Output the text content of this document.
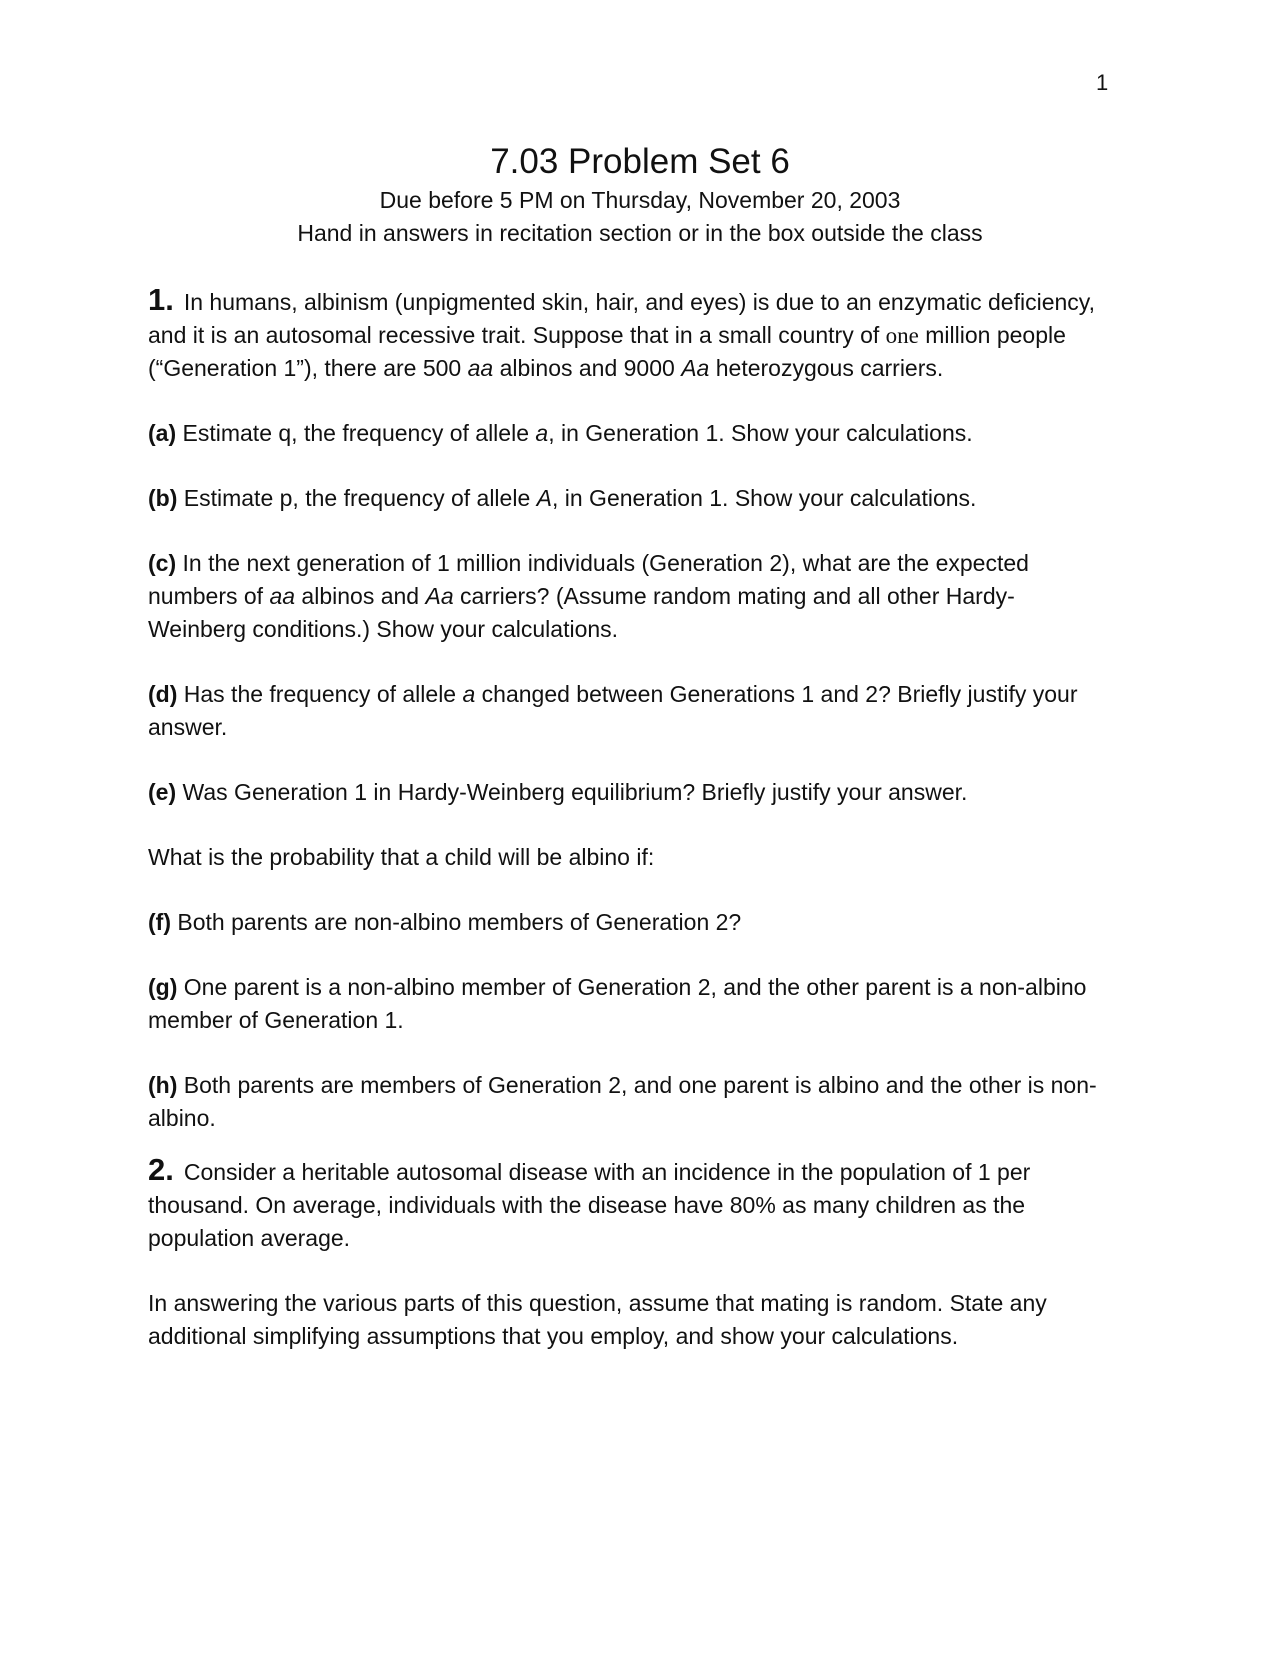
1
7.03 Problem Set 6
Due before 5 PM on Thursday, November 20, 2003
Hand in answers in recitation section or in the box outside the class

1. In humans, albinism (unpigmented skin, hair, and eyes) is due to an enzymatic deficiency, and it is an autosomal recessive trait. Suppose that in a small country of one million people (“Generation 1”), there are 500 aa albinos and 9000 Aa heterozygous carriers.

(a) Estimate q, the frequency of allele a, in Generation 1. Show your calculations.

(b) Estimate p, the frequency of allele A, in Generation 1. Show your calculations.

(c) In the next generation of 1 million individuals (Generation 2), what are the expected numbers of aa albinos and Aa carriers? (Assume random mating and all other Hardy-Weinberg conditions.) Show your calculations.

(d) Has the frequency of allele a changed between Generations 1 and 2? Briefly justify your answer.

(e) Was Generation 1 in Hardy-Weinberg equilibrium? Briefly justify your answer.

What is the probability that a child will be albino if:

(f) Both parents are non-albino members of Generation 2?

(g) One parent is a non-albino member of Generation 2, and the other parent is a non-albino member of Generation 1.

(h) Both parents are members of Generation 2, and one parent is albino and the other is non-albino.

2. Consider a heritable autosomal disease with an incidence in the population of 1 per thousand. On average, individuals with the disease have 80% as many children as the population average.

In answering the various parts of this question, assume that mating is random. State any additional simplifying assumptions that you employ, and show your calculations.
